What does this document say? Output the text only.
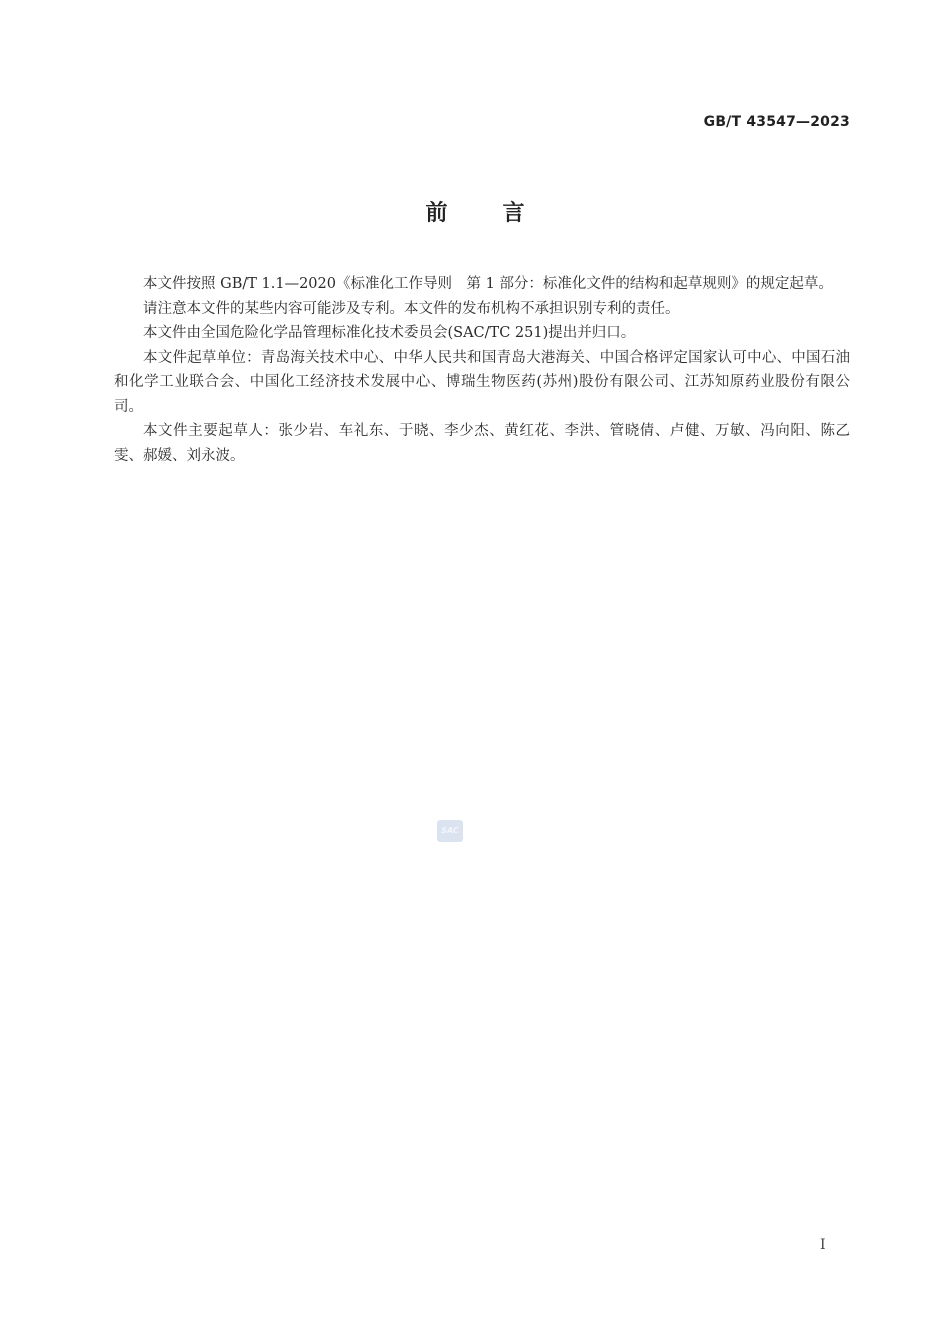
GB/T 43547—2023
前言

本文件按照 GB/T 1.1—2020《标准化工作导则　第 1 部分：标准化文件的结构和起草规则》的规定起草。

请注意本文件的某些内容可能涉及专利。本文件的发布机构不承担识别专利的责任。

本文件由全国危险化学品管理标准化技术委员会(SAC/TC 251)提出并归口。

本文件起草单位：青岛海关技术中心、中华人民共和国青岛大港海关、中国合格评定国家认可中心、中国石油和化学工业联合会、中国化工经济技术发展中心、博瑞生物医药(苏州)股份有限公司、江苏知原药业股份有限公司。

本文件主要起草人：张少岩、车礼东、于晓、李少杰、黄红花、李洪、管晓倩、卢健、万敏、冯向阳、陈乙雯、郝媛、刘永波。

SAC
I
